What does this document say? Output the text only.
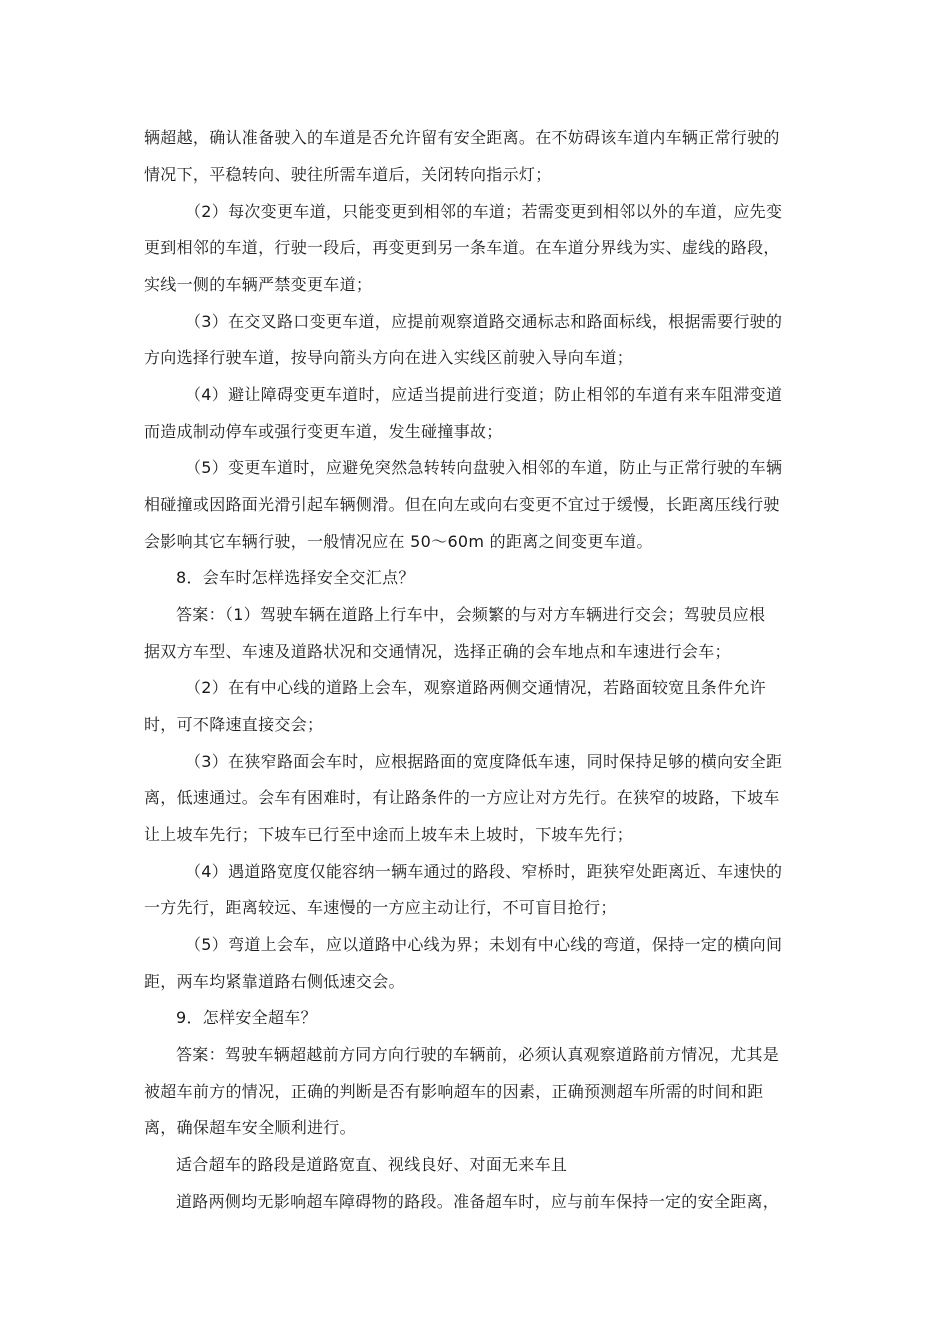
辆超越，确认准备驶入的车道是否允许留有安全距离。在不妨碍该车道内车辆正常行驶的
情况下，平稳转向、驶往所需车道后，关闭转向指示灯；
（2）每次变更车道，只能变更到相邻的车道；若需变更到相邻以外的车道，应先变
更到相邻的车道，行驶一段后，再变更到另一条车道。在车道分界线为实、虚线的路段，
实线一侧的车辆严禁变更车道；
（3）在交叉路口变更车道，应提前观察道路交通标志和路面标线，根据需要行驶的
方向选择行驶车道，按导向箭头方向在进入实线区前驶入导向车道；
（4）避让障碍变更车道时，应适当提前进行变道；防止相邻的车道有来车阻滞变道
而造成制动停车或强行变更车道，发生碰撞事故；
（5）变更车道时，应避免突然急转转向盘驶入相邻的车道，防止与正常行驶的车辆
相碰撞或因路面光滑引起车辆侧滑。但在向左或向右变更不宜过于缓慢，长距离压线行驶
会影响其它车辆行驶，一般情况应在 50～60m 的距离之间变更车道。
8．会车时怎样选择安全交汇点？
答案：（1）驾驶车辆在道路上行车中，会频繁的与对方车辆进行交会；驾驶员应根
据双方车型、车速及道路状况和交通情况，选择正确的会车地点和车速进行会车；
（2）在有中心线的道路上会车，观察道路两侧交通情况，若路面较宽且条件允许
时，可不降速直接交会；
（3）在狭窄路面会车时，应根据路面的宽度降低车速，同时保持足够的横向安全距
离，低速通过。会车有困难时，有让路条件的一方应让对方先行。在狭窄的坡路，下坡车
让上坡车先行；下坡车已行至中途而上坡车未上坡时，下坡车先行；
（4）遇道路宽度仅能容纳一辆车通过的路段、窄桥时，距狭窄处距离近、车速快的
一方先行，距离较远、车速慢的一方应主动让行，不可盲目抢行；
（5）弯道上会车，应以道路中心线为界；未划有中心线的弯道，保持一定的横向间
距，两车均紧靠道路右侧低速交会。
9．怎样安全超车？
答案：驾驶车辆超越前方同方向行驶的车辆前，必须认真观察道路前方情况，尤其是
被超车前方的情况，正确的判断是否有影响超车的因素，正确预测超车所需的时间和距
离，确保超车安全顺利进行。
适合超车的路段是道路宽直、视线良好、对面无来车且
道路两侧均无影响超车障碍物的路段。准备超车时，应与前车保持一定的安全距离，
